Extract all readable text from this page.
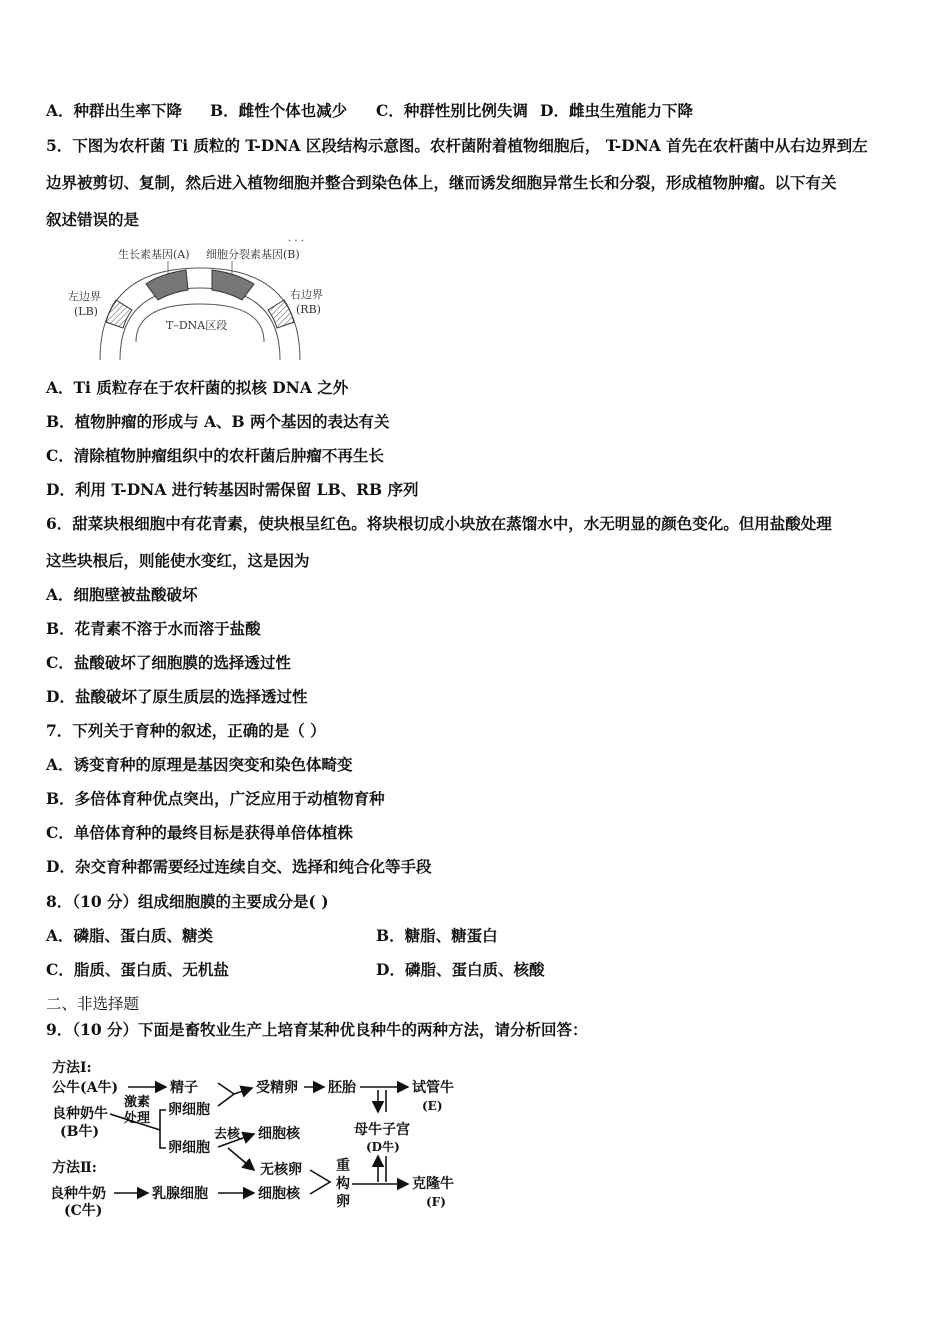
A．种群出生率下降 B．雌性个体也减少 C．种群性别比例失调 D．雌虫生殖能力下降
5．下图为农杆菌 Ti 质粒的 T-DNA 区段结构示意图。农杆菌附着植物细胞后， T-DNA 首先在农杆菌中从右边界到左
边界被剪切、复制，然后进入植物细胞并整合到染色体上，继而诱发细胞异常生长和分裂，形成植物肿瘤。以下有关
叙述错误的是
· · ·
生长素基因(A) 细胞分裂素基因(B)
左边界
(LB)
右边界
(RB)
T–DNA区段
A．Ti 质粒存在于农杆菌的拟核 DNA 之外
B．植物肿瘤的形成与 A、B 两个基因的表达有关
C．清除植物肿瘤组织中的农杆菌后肿瘤不再生长
D．利用 T-DNA 进行转基因时需保留 LB、RB 序列
6．甜菜块根细胞中有花青素，使块根呈红色。将块根切成小块放在蒸馏水中，水无明显的颜色变化。但用盐酸处理
这些块根后，则能使水变红，这是因为
A．细胞壁被盐酸破坏
B．花青素不溶于水而溶于盐酸
C．盐酸破坏了细胞膜的选择透过性
D．盐酸破坏了原生质层的选择透过性
7．下列关于育种的叙述，正确的是（ ）
A．诱变育种的原理是基因突变和染色体畸变
B．多倍体育种优点突出，广泛应用于动植物育种
C．单倍体育种的最终目标是获得单倍体植株
D．杂交育种都需要经过连续自交、选择和纯合化等手段
8．（10 分）组成细胞膜的主要成分是( )
A．磷脂、蛋白质、糖类	B．糖脂、糖蛋白
C．脂质、蛋白质、无机盐	D．磷脂、蛋白质、核酸
二、非选择题
9．（10 分）下面是畜牧业生产上培育某种优良种牛的两种方法，请分析回答：
方法Ⅰ:
公牛(A牛)	精子	受精卵 胚胎	试管牛
(E)
良种奶牛
(B牛)
激素
处理
卵细胞
卵细胞
去核 细胞核
无核卵
母牛子宫
(D牛)
方法Ⅱ:
良种牛奶
(C牛)
乳腺细胞	细胞核
重
构
卵
克隆牛
(F)
